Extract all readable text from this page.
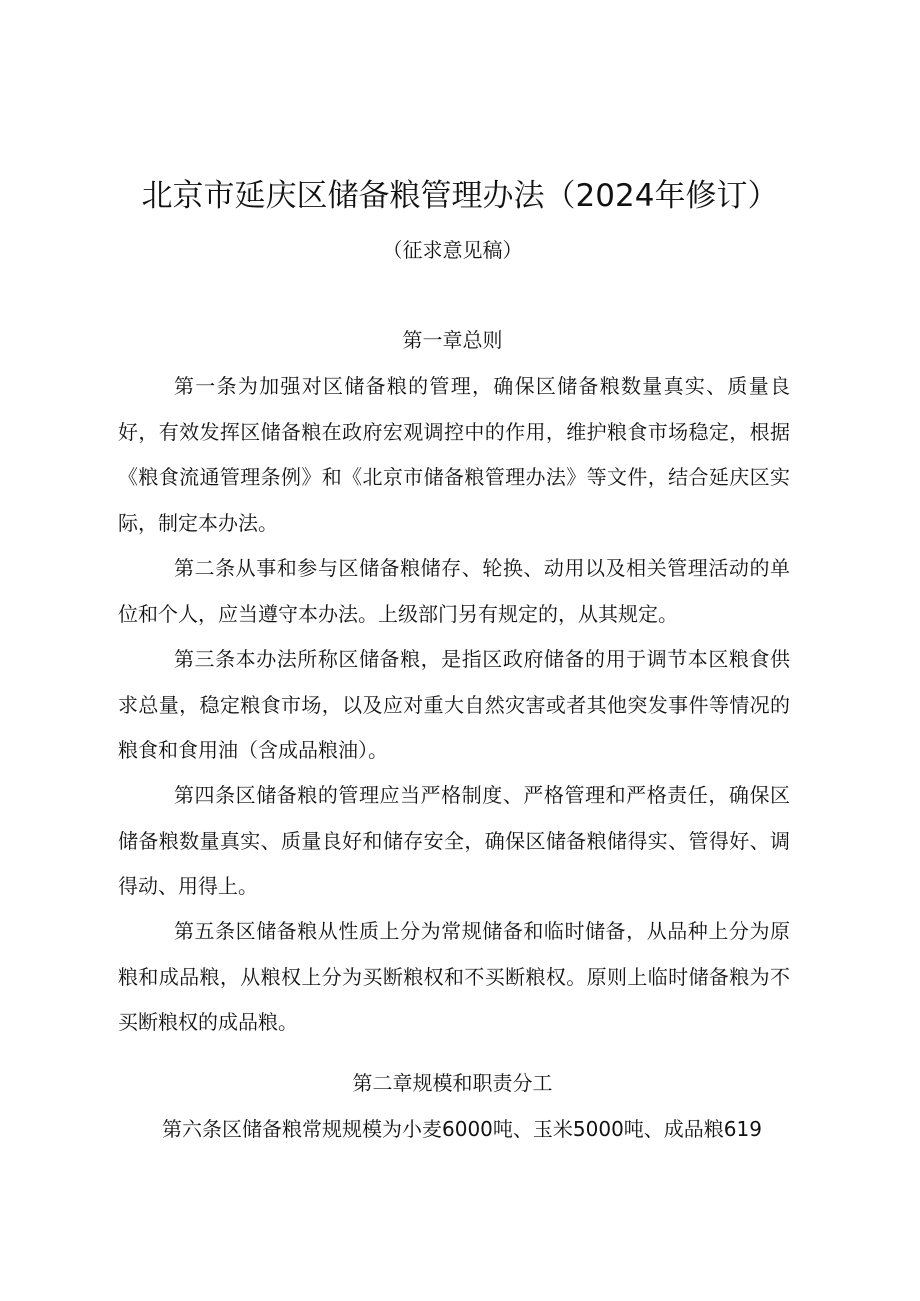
北京市延庆区储备粮管理办法（2024年修订）
（征求意见稿）
第一章总则

第一条为加强对区储备粮的管理，确保区储备粮数量真实、质量良好，有效发挥区储备粮在政府宏观调控中的作用，维护粮食市场稳定，根据《粮食流通管理条例》和《北京市储备粮管理办法》等文件，结合延庆区实际，制定本办法。

第二条从事和参与区储备粮储存、轮换、动用以及相关管理活动的单位和个人，应当遵守本办法。上级部门另有规定的，从其规定。

第三条本办法所称区储备粮，是指区政府储备的用于调节本区粮食供求总量，稳定粮食市场，以及应对重大自然灾害或者其他突发事件等情况的粮食和食用油（含成品粮油）。

第四条区储备粮的管理应当严格制度、严格管理和严格责任，确保区储备粮数量真实、质量良好和储存安全，确保区储备粮储得实、管得好、调得动、用得上。

第五条区储备粮从性质上分为常规储备和临时储备，从品种上分为原粮和成品粮，从粮权上分为买断粮权和不买断粮权。原则上临时储备粮为不买断粮权的成品粮。

第二章规模和职责分工

第六条区储备粮常规规模为小麦6000吨、玉米5000吨、成品粮619
